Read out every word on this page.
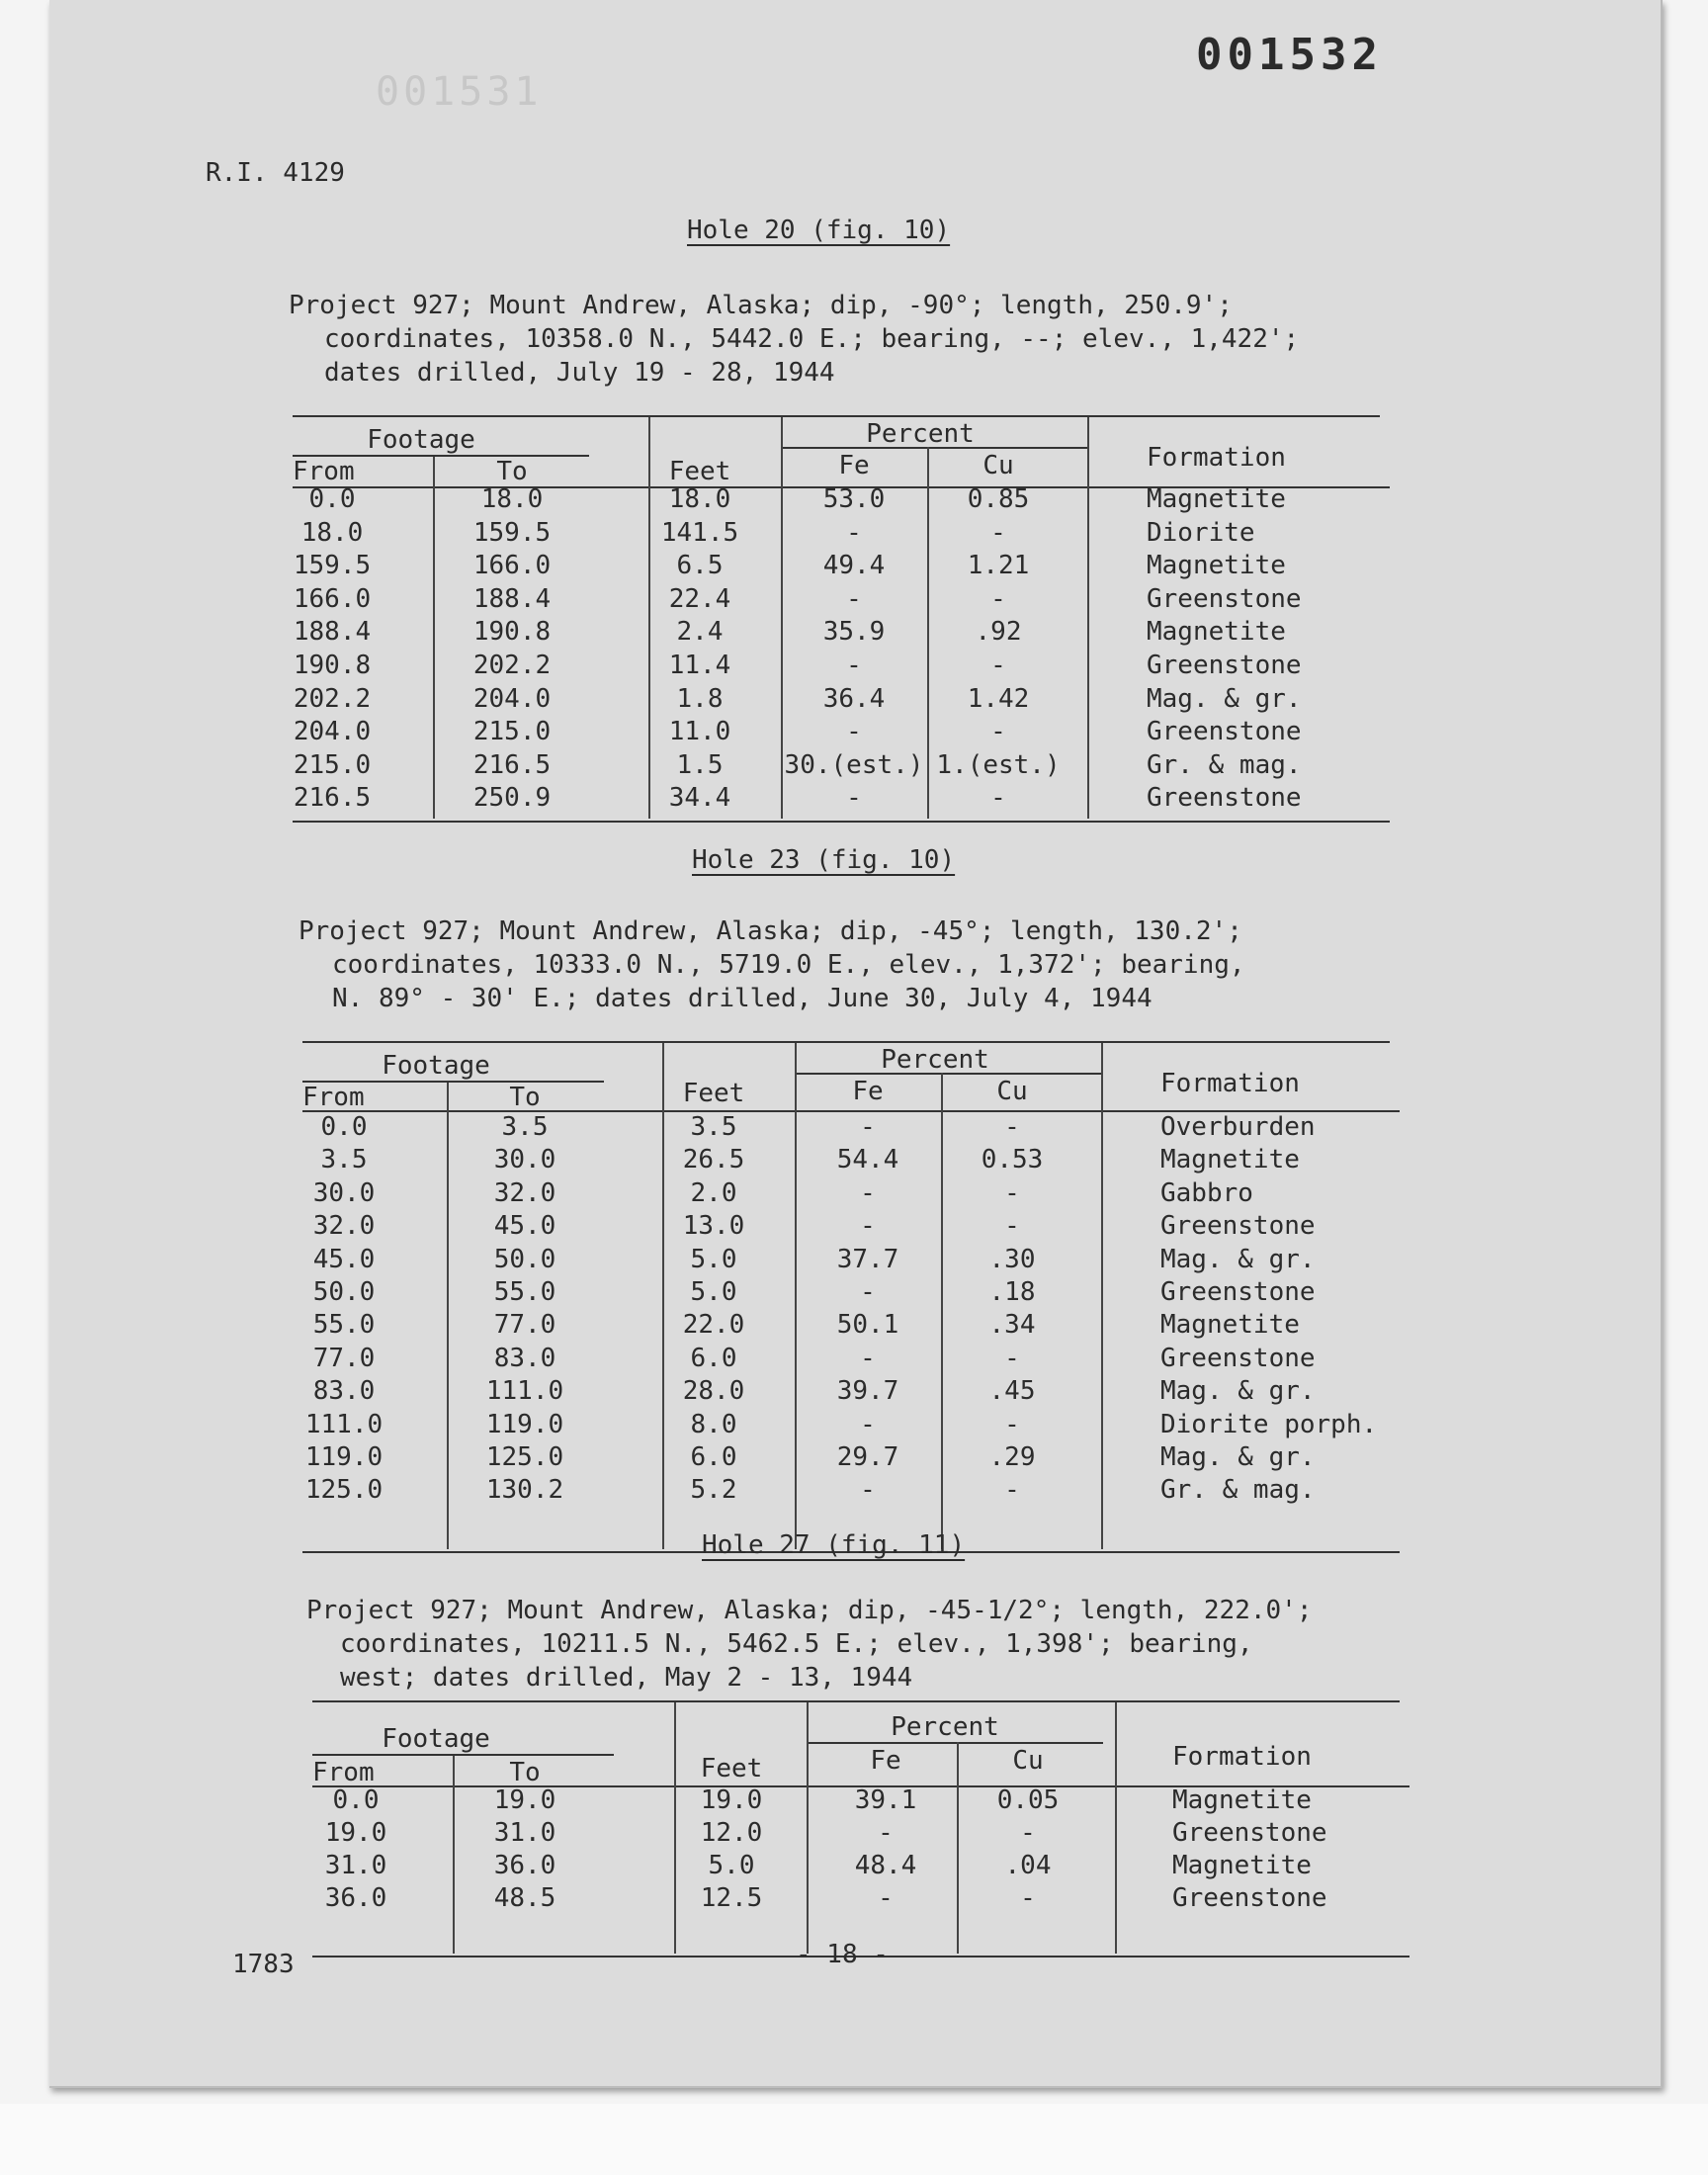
001531
001532
R.I. 4129
Hole 20 (fig. 10)
Project 927; Mount Andrew, Alaska; dip, -90°; length, 250.9';
coordinates, 10358.0 N., 5442.0 E.; bearing, --; elev., 1,422';
dates drilled, July 19 - 28, 1944
Footage	Percent
From	To	Feet	Fe	Cu	Formation
0.0	18.0	18.0	53.0	0.85	Magnetite
18.0	159.5	141.5	-	-	Diorite
159.5	166.0	6.5	49.4	1.21	Magnetite
166.0	188.4	22.4	-	-	Greenstone
188.4	190.8	2.4	35.9	.92	Magnetite
190.8	202.2	11.4	-	-	Greenstone
202.2	204.0	1.8	36.4	1.42	Mag. & gr.
204.0	215.0	11.0	-	-	Greenstone
215.0	216.5	1.5 30.(est.) 1.(est.)	Gr. & mag.
216.5	250.9	34.4	-	-	Greenstone
Hole 23 (fig. 10)
Project 927; Mount Andrew, Alaska; dip, -45°; length, 130.2';
coordinates, 10333.0 N., 5719.0 E., elev., 1,372'; bearing,
N. 89° - 30' E.; dates drilled, June 30, July 4, 1944
Footage	Percent
From	To	Feet	Fe	Cu	Formation
0.0	3.5	3.5	-	-	Overburden
3.5	30.0	26.5	54.4	0.53	Magnetite
30.0	32.0	2.0	-	-	Gabbro
32.0	45.0	13.0	-	-	Greenstone
45.0	50.0	5.0	37.7	.30	Mag. & gr.
50.0	55.0	5.0	-	.18	Greenstone
55.0	77.0	22.0	50.1	.34	Magnetite
77.0	83.0	6.0	-	-	Greenstone
83.0	111.0	28.0	39.7	.45	Mag. & gr.
111.0	119.0	8.0	-	-	Diorite porph.
119.0	125.0	6.0	29.7	.29	Mag. & gr.
125.0	130.2	5.2	-	-	Gr. & mag.
Hole 27 (fig. 11)
Project 927; Mount Andrew, Alaska; dip, -45-1/2°; length, 222.0';
coordinates, 10211.5 N., 5462.5 E.; elev., 1,398'; bearing,
west; dates drilled, May 2 - 13, 1944
Footage	Percent
From	To	Feet	Fe	Cu	Formation
0.0	19.0	19.0	39.1	0.05	Magnetite
19.0	31.0	12.0	-	-	Greenstone
31.0	36.0	5.0	48.4	.04	Magnetite
36.0	48.5	12.5	-	-	Greenstone
1783	- 18 -
